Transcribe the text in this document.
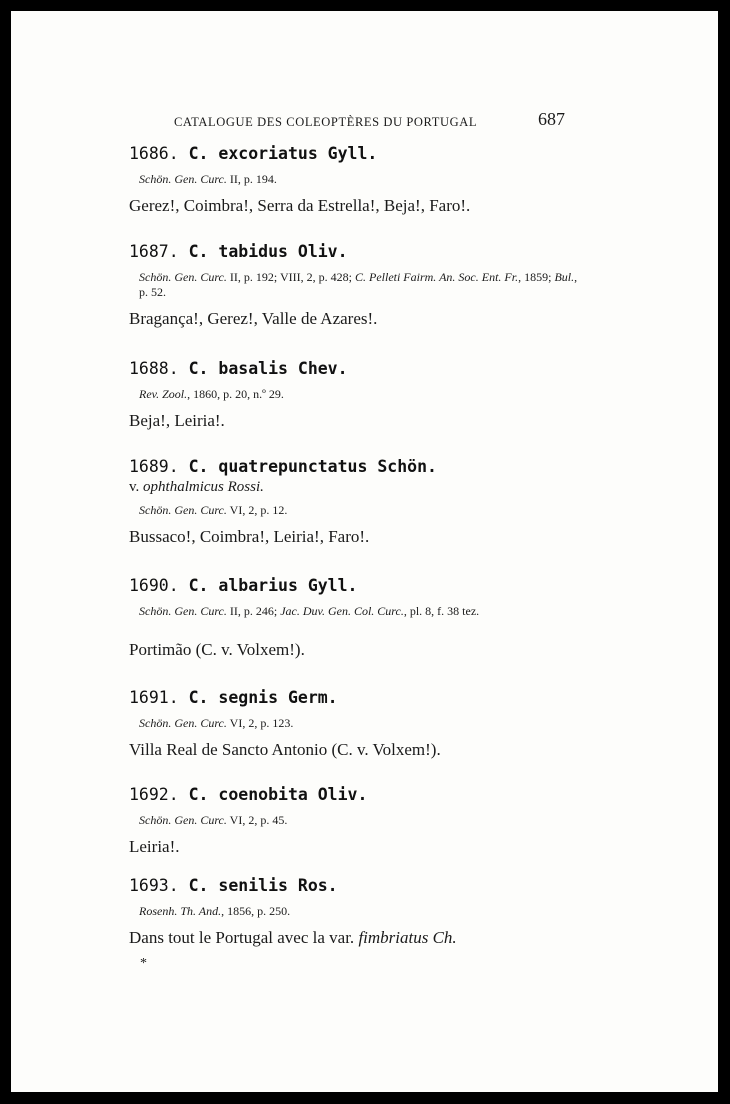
CATALOGUE DES COLEOPTÈRES DU PORTUGAL	687
1686. C. excoriatus Gyll.
Schön. Gen. Curc. II, p. 194.
Gerez!, Coimbra!, Serra da Estrella!, Beja!, Faro!.
1687. C. tabidus Oliv.
Schön. Gen. Curc. II, p. 192; VIII, 2, p. 428; C. Pelleti Fairm. An. Soc. Ent. Fr., 1859; Bul., p. 52.
Bragança!, Gerez!, Valle de Azares!.
1688. C. basalis Chev.
Rev. Zool., 1860, p. 20, n.º 29.
Beja!, Leiria!.
1689. C. quatrepunctatus Schön.
v. ophthalmicus Rossi.
Schön. Gen. Curc. VI, 2, p. 12.
Bussaco!, Coimbra!, Leiria!, Faro!.
1690. C. albarius Gyll.
Schön. Gen. Curc. II, p. 246; Jac. Duv. Gen. Col. Curc., pl. 8, f. 38 tez.
Portimão (C. v. Volxem!).
1691. C. segnis Germ.
Schön. Gen. Curc. VI, 2, p. 123.
Villa Real de Sancto Antonio (C. v. Volxem!).
1692. C. coenobita Oliv.
Schön. Gen. Curc. VI, 2, p. 45.
Leiria!.
1693. C. senilis Ros.
Rosenh. Th. And., 1856, p. 250.
Dans tout le Portugal avec la var. fimbriatus Ch.
*
